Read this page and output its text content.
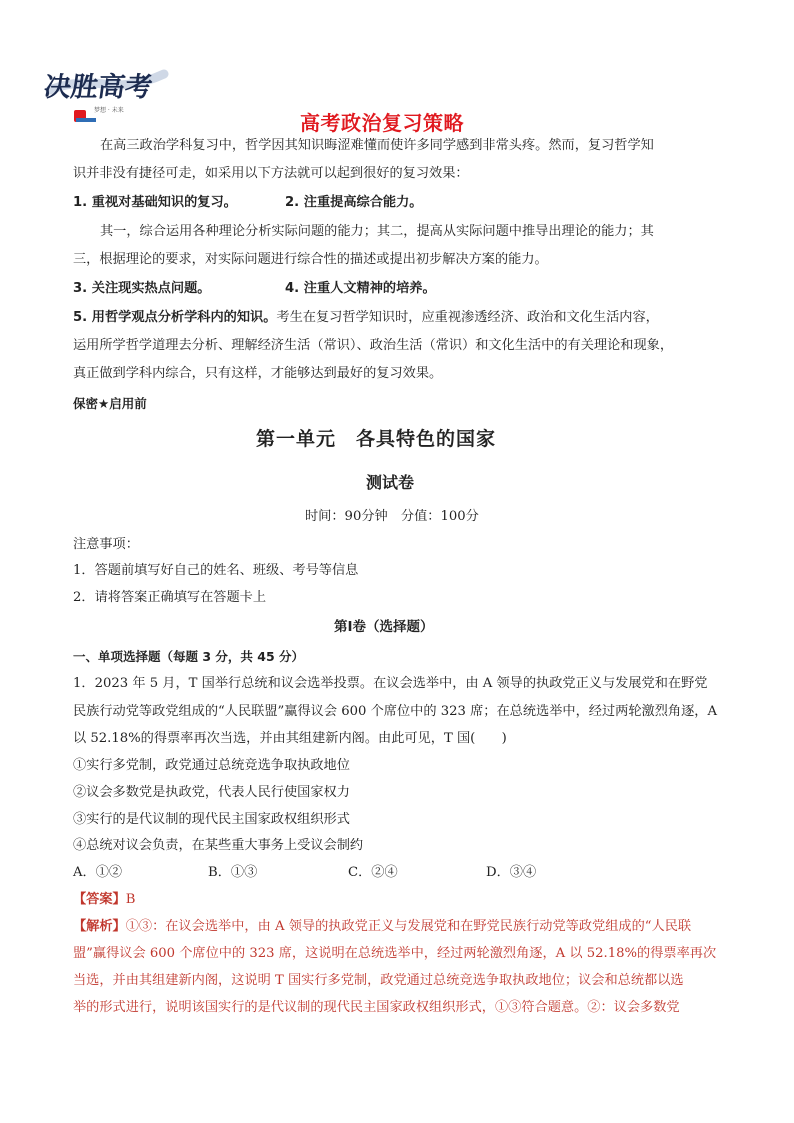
决胜高考
梦想 · 未来
高考政治复习策略
在高三政治学科复习中，哲学因其知识晦涩难懂而使许多同学感到非常头疼。然而，复习哲学知
识并非没有捷径可走，如采用以下方法就可以起到很好的复习效果：
1. 重视对基础知识的复习。	2. 注重提高综合能力。
其一，综合运用各种理论分析实际问题的能力；其二，提高从实际问题中推导出理论的能力；其
三，根据理论的要求，对实际问题进行综合性的描述或提出初步解决方案的能力。
3. 关注现实热点问题。	4. 注重人文精神的培养。
5. 用哲学观点分析学科内的知识。考生在复习哲学知识时，应重视渗透经济、政治和文化生活内容，
运用所学哲学道理去分析、理解经济生活（常识）、政治生活（常识）和文化生活中的有关理论和现象，
真正做到学科内综合，只有这样，才能够达到最好的复习效果。
保密★启用前
第一单元　各具特色的国家
测试卷
时间：90分钟　分值：100分
注意事项：
1．答题前填写好自己的姓名、班级、考号等信息
2．请将答案正确填写在答题卡上
第Ⅰ卷（选择题）
一、单项选择题（每题 3 分，共 45 分）
1．2023 年 5 月，T 国举行总统和议会选举投票。在议会选举中，由 A 领导的执政党正义与发展党和在野党
民族行动党等政党组成的“人民联盟”赢得议会 600 个席位中的 323 席；在总统选举中，经过两轮激烈角逐，A
以 52.18%的得票率再次当选，并由其组建新内阁。由此可见，T 国(　　)
①实行多党制，政党通过总统竞选争取执政地位
②议会多数党是执政党，代表人民行使国家权力
③实行的是代议制的现代民主国家政权组织形式
④总统对议会负责，在某些重大事务上受议会制约
A．①②	B．①③	C．②④	D．③④
【答案】B
【解析】①③：在议会选举中，由 A 领导的执政党正义与发展党和在野党民族行动党等政党组成的“人民联
盟”赢得议会 600 个席位中的 323 席，这说明在总统选举中，经过两轮激烈角逐，A 以 52.18%的得票率再次
当选，并由其组建新内阁，这说明 T 国实行多党制，政党通过总统竞选争取执政地位；议会和总统都以选
举的形式进行，说明该国实行的是代议制的现代民主国家政权组织形式，①③符合题意。②：议会多数党
